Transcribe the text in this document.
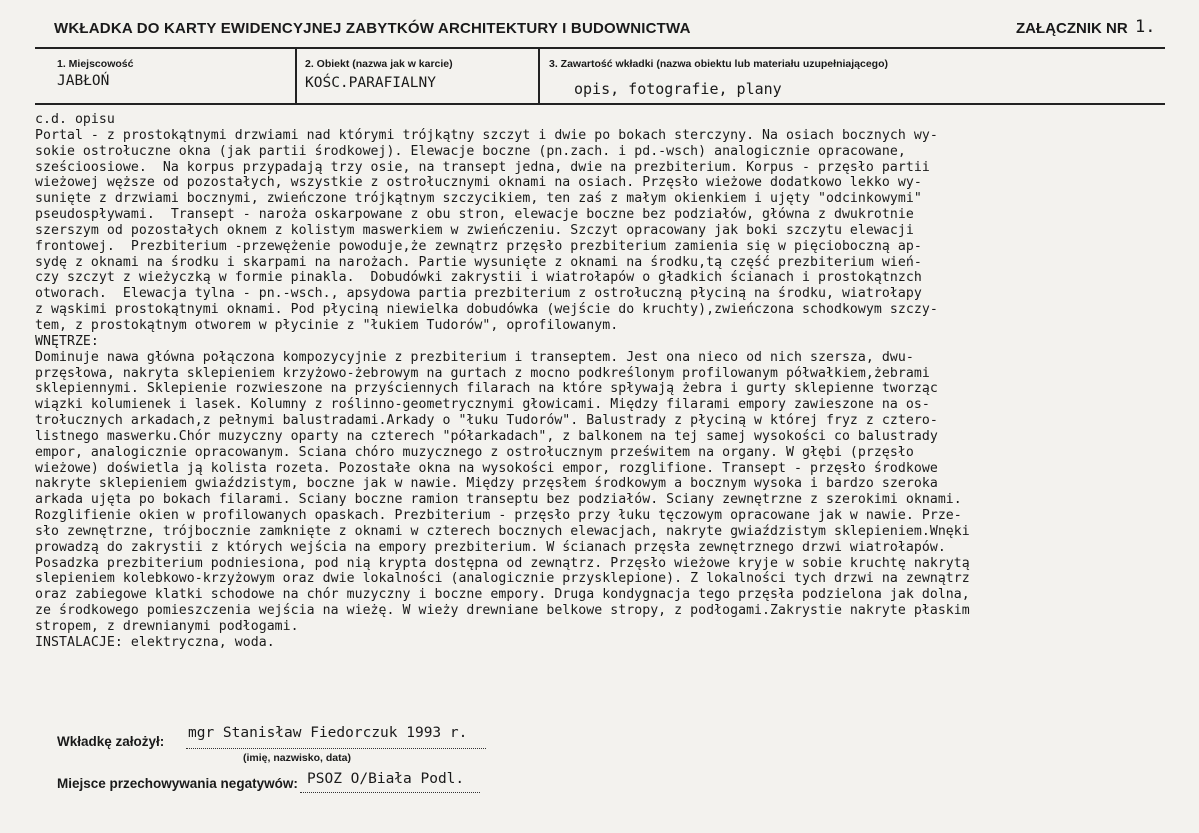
WKŁADKA DO KARTY EWIDENCYJNEJ ZABYTKÓW ARCHITEKTURY I BUDOWNICTWA	ZAŁĄCZNIK NR 1.
1. Miejscowość
JABŁOŃ
2. Obiekt (nazwa jak w karcie)
KOŚC.PARAFIALNY
3. Zawartość wkładki (nazwa obiektu lub materiału uzupełniającego)
opis, fotografie, plany
c.d. opisu
Portal - z prostokątnymi drzwiami nad którymi trójkątny szczyt i dwie po bokach sterczyny. Na osiach bocznych wy-
sokie ostrołuczne okna (jak partii środkowej). Elewacje boczne (pn.zach. i pd.-wsch) analogicznie opracowane,
sześcioosiowe.  Na korpus przypadają trzy osie, na transept jedna, dwie na prezbiterium. Korpus - przęsło partii
wieżowej węższe od pozostałych, wszystkie z ostrołucznymi oknami na osiach. Przęsło wieżowe dodatkowo lekko wy-
sunięte z drzwiami bocznymi, zwieńczone trójkątnym szczycikiem, ten zaś z małym okienkiem i ujęty "odcinkowymi"
pseudospływami.  Transept - naroża oskarpowane z obu stron, elewacje boczne bez podziałów, główna z dwukrotnie
szerszym od pozostałych oknem z kolistym maswerkiem w zwieńczeniu. Szczyt opracowany jak boki szczytu elewacji
frontowej.  Prezbiterium -przewężenie powoduje,że zewnątrz przęsło prezbiterium zamienia się w pięcioboczną ap-
sydę z oknami na środku i skarpami na narożach. Partie wysunięte z oknami na środku,tą część prezbiterium wień-
czy szczyt z wieżyczką w formie pinakla.  Dobudówki zakrystii i wiatrołapów o gładkich ścianach i prostokątnzch
otworach.  Elewacja tylna - pn.-wsch., apsydowa partia prezbiterium z ostrołuczną płyciną na środku, wiatrołapy
z wąskimi prostokątnymi oknami. Pod płyciną niewielka dobudówka (wejście do kruchty),zwieńczona schodkowym szczy-
tem, z prostokątnym otworem w płycinie z "łukiem Tudorów", oprofilowanym.
WNĘTRZE:
Dominuje nawa główna połączona kompozycyjnie z prezbiterium i transeptem. Jest ona nieco od nich szersza, dwu-
przęsłowa, nakryta sklepieniem krzyżowo-żebrowym na gurtach z mocno podkreślonym profilowanym półwałkiem,żebrami
sklepiennymi. Sklepienie rozwieszone na przyściennych filarach na które spływają żebra i gurty sklepienne tworząc
wiązki kolumienek i lasek. Kolumny z roślinno-geometrycznymi głowicami. Między filarami empory zawieszone na os-
trołucznych arkadach,z pełnymi balustradami.Arkady o "łuku Tudorów". Balustrady z płyciną w której fryz z cztero-
listnego maswerku.Chór muzyczny oparty na czterech "półarkadach", z balkonem na tej samej wysokości co balustrady
empor, analogicznie opracowanym. Sciana chóro muzycznego z ostrołucznym prześwitem na organy. W głębi (przęsło
wieżowe) doświetla ją kolista rozeta. Pozostałe okna na wysokości empor, rozglifione. Transept - przęsło środkowe
nakryte sklepieniem gwiaździstym, boczne jak w nawie. Między przęsłem środkowym a bocznym wysoka i bardzo szeroka
arkada ujęta po bokach filarami. Sciany boczne ramion transeptu bez podziałów. Sciany zewnętrzne z szerokimi oknami.
Rozglifienie okien w profilowanych opaskach. Prezbiterium - przęsło przy łuku tęczowym opracowane jak w nawie. Prze-
sło zewnętrzne, trójbocznie zamknięte z oknami w czterech bocznych elewacjach, nakryte gwiaździstym sklepieniem.Wnęki
prowadzą do zakrystii z których wejścia na empory prezbiterium. W ścianach przęsła zewnętrznego drzwi wiatrołapów.
Posadzka prezbiterium podniesiona, pod nią krypta dostępna od zewnątrz. Przęsło wieżowe kryje w sobie kruchtę nakrytą
slepieniem kolebkowo-krzyżowym oraz dwie lokalności (analogicznie przysklepione). Z lokalności tych drzwi na zewnątrz
oraz zabiegowe klatki schodowe na chór muzyczny i boczne empory. Druga kondygnacja tego przęsła podzielona jak dolna,
ze środkowego pomieszczenia wejścia na wieżę. W wieży drewniane belkowe stropy, z podłogami.Zakrystie nakryte płaskim
stropem, z drewnianymi podłogami.
INSTALACJE: elektryczna, woda.
Wkładkę założył:
mgr Stanisław Fiedorczuk 1993 r.
(imię, nazwisko, data)
Miejsce przechowywania negatywów: PSOZ O/Biała Podl.
